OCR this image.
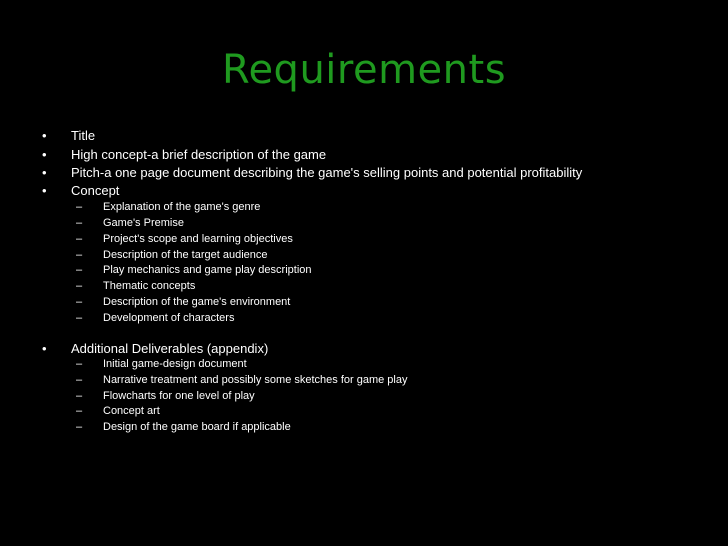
Requirements
• Title
• High concept-a brief description of the game
• Pitch-a one page document describing the game's selling points and potential profitability
• Concept
– Explanation of the game's genre
– Game's Premise
– Project's scope and learning objectives
– Description of the target audience
– Play mechanics and game play description
– Thematic concepts
– Description of the game's environment
– Development of characters
• Additional Deliverables (appendix)
– Initial game-design document
– Narrative treatment and possibly some sketches for game play
– Flowcharts for one level of play
– Concept art
– Design of the game board if applicable
